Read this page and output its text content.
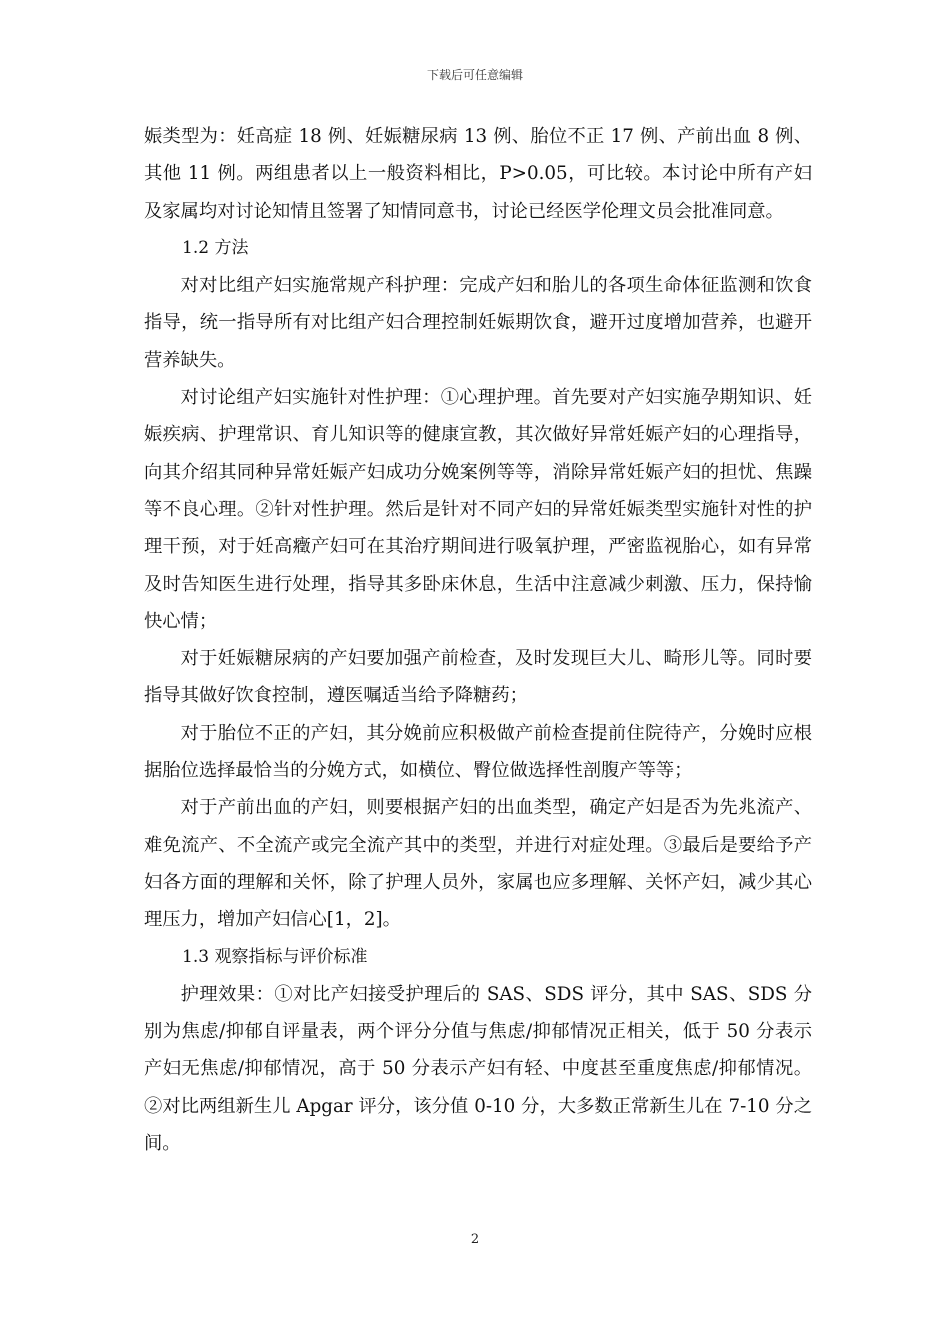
下载后可任意编辑

娠类型为：妊高症 18 例、妊娠糖尿病 13 例、胎位不正 17 例、产前出血 8 例、其他 11 例。两组患者以上一般资料相比，P>0.05，可比较。本讨论中所有产妇及家属均对讨论知情且签署了知情同意书，讨论已经医学伦理文员会批准同意。

1.2 方法

对对比组产妇实施常规产科护理：完成产妇和胎儿的各项生命体征监测和饮食指导，统一指导所有对比组产妇合理控制妊娠期饮食，避开过度增加营养，也避开营养缺失。

对讨论组产妇实施针对性护理：①心理护理。首先要对产妇实施孕期知识、妊娠疾病、护理常识、育儿知识等的健康宣教，其次做好异常妊娠产妇的心理指导，向其介绍其同种异常妊娠产妇成功分娩案例等等，消除异常妊娠产妇的担忧、焦躁等不良心理。②针对性护理。然后是针对不同产妇的异常妊娠类型实施针对性的护理干预，对于妊高癥产妇可在其治疗期间进行吸氧护理，严密监视胎心，如有异常及时告知医生进行处理，指导其多卧床休息，生活中注意减少刺激、压力，保持愉快心情；

对于妊娠糖尿病的产妇要加强产前检查，及时发现巨大儿、畸形儿等。同时要指导其做好饮食控制，遵医嘱适当给予降糖药；

对于胎位不正的产妇，其分娩前应积极做产前检查提前住院待产，分娩时应根据胎位选择最恰当的分娩方式，如横位、臀位做选择性剖腹产等等；

对于产前出血的产妇，则要根据产妇的出血类型，确定产妇是否为先兆流产、难免流产、不全流产或完全流产其中的类型，并进行对症处理。③最后是要给予产妇各方面的理解和关怀，除了护理人员外，家属也应多理解、关怀产妇，减少其心理压力，增加产妇信心[1，2]。

1.3 观察指标与评价标准

护理效果：①对比产妇接受护理后的 SAS、SDS 评分，其中 SAS、SDS 分别为焦虑/抑郁自评量表，两个评分分值与焦虑/抑郁情况正相关，低于 50 分表示产妇无焦虑/抑郁情况，高于 50 分表示产妇有轻、中度甚至重度焦虑/抑郁情况。②对比两组新生儿 Apgar 评分，该分值 0-10 分，大多数正常新生儿在 7-10 分之间。

2
